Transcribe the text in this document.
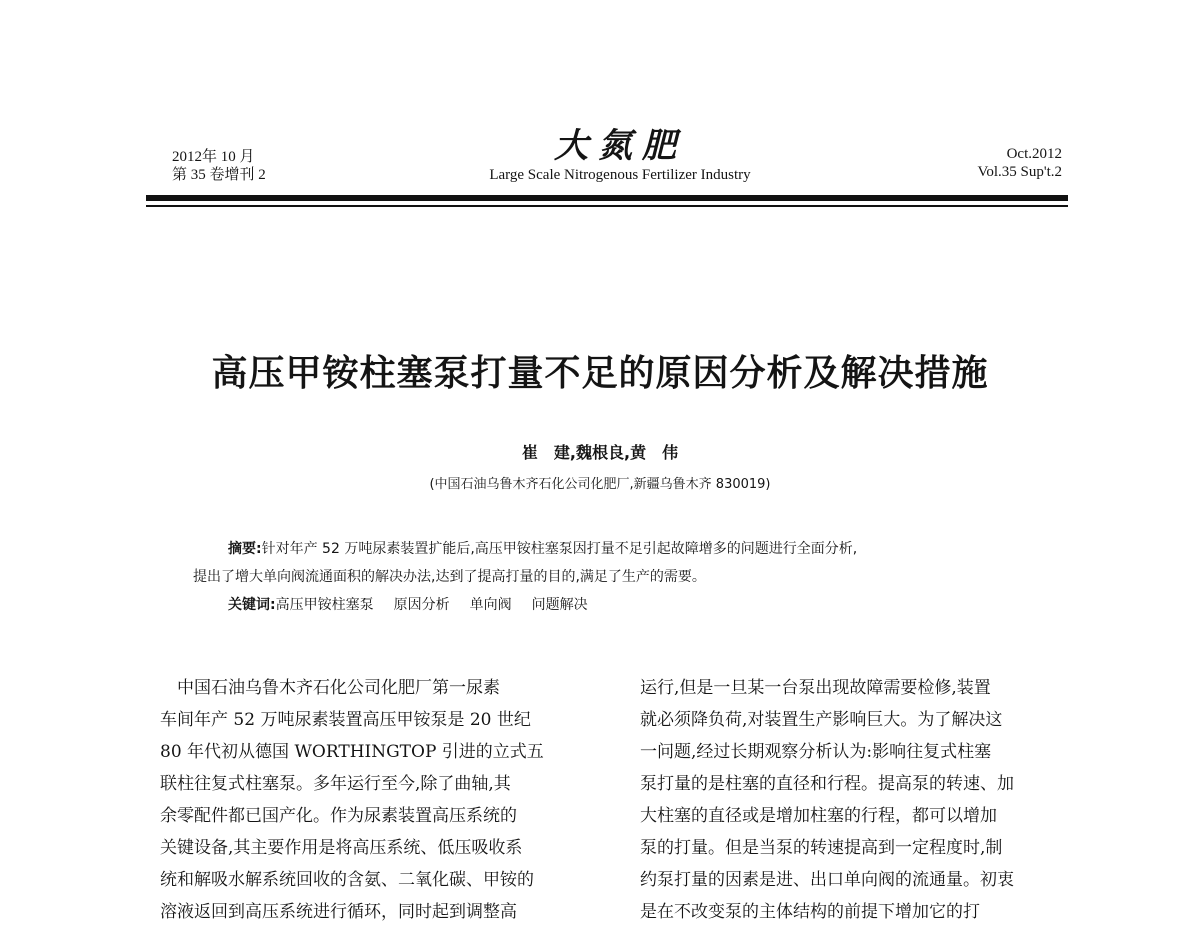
2012年 10 月
第 35 卷增刊 2
大氮肥
Large Scale Nitrogenous Fertilizer Industry
Oct.2012
Vol.35 Sup't.2
高压甲铵柱塞泵打量不足的原因分析及解决措施
崔　建,魏根良,黄　伟
(中国石油乌鲁木齐石化公司化肥厂,新疆乌鲁木齐 830019)

摘要:针对年产 52 万吨尿素装置扩能后,高压甲铵柱塞泵因打量不足引起故障增多的问题进行全面分析,

提出了增大单向阀流通面积的解决办法,达到了提高打量的目的,满足了生产的需要。

关键词:高压甲铵柱塞泵 原因分析 单向阀 问题解决
　中国石油乌鲁木齐石化公司化肥厂第一尿素
车间年产 52 万吨尿素装置高压甲铵泵是 20 世纪
80 年代初从德国 WORTHINGTOP 引进的立式五
联柱往复式柱塞泵。多年运行至今,除了曲轴,其
余零配件都已国产化。作为尿素装置高压系统的
关键设备,其主要作用是将高压系统、低压吸收系
统和解吸水解系统回收的含氨、二氧化碳、甲铵的
溶液返回到高压系统进行循环，同时起到调整高
运行,但是一旦某一台泵出现故障需要检修,装置
就必须降负荷,对装置生产影响巨大。为了解决这
一问题,经过长期观察分析认为:影响往复式柱塞
泵打量的是柱塞的直径和行程。提高泵的转速、加
大柱塞的直径或是增加柱塞的行程，都可以增加
泵的打量。但是当泵的转速提高到一定程度时,制
约泵打量的因素是进、出口单向阀的流通量。初衷
是在不改变泵的主体结构的前提下增加它的打
